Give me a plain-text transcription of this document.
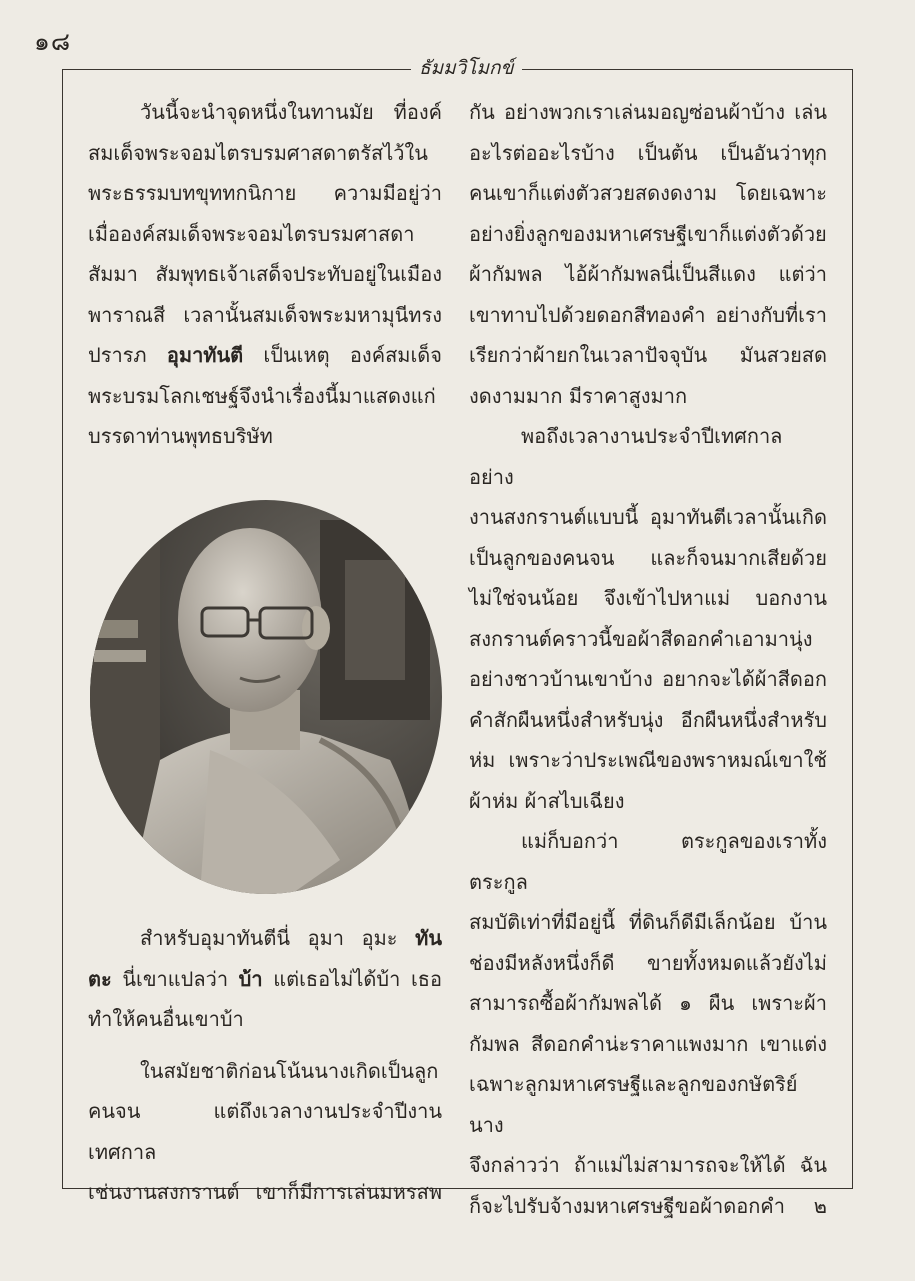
๑๘
ธัมมวิโมกข์

วันนี้จะนำจุดหนึ่งในทานมัย ที่องค์

สมเด็จพระจอมไตรบรมศาสดาตรัสไว้ใน

พระธรรมบทขุททกนิกาย ความมีอยู่ว่า

เมื่อองค์สมเด็จพระจอมไตรบรมศาสดา

สัมมา สัมพุทธเจ้าเสด็จประทับอยู่ในเมือง

พาราณสี เวลานั้นสมเด็จพระมหามุนีทรง

ปรารภ อุมาทันตี เป็นเหตุ องค์สมเด็จ

พระบรมโลกเชษฐ์จึงนำเรื่องนี้มาแสดงแก่

บรรดาท่านพุทธบริษัท

สำหรับอุมาทันตีนี่ อุมา อุมะ ทัน

ตะ นี่เขาแปลว่า บ้า แต่เธอไม่ได้บ้า เธอ

ทำให้คนอื่นเขาบ้า

ในสมัยชาติก่อนโน้นนางเกิดเป็นลูก

คนจน แต่ถึงเวลางานประจำปีงานเทศกาล

เช่นงานสงกรานต์ เขาก็มีการเล่นมหรสพ

กัน อย่างพวกเราเล่นมอญซ่อนผ้าบ้าง เล่น

อะไรต่ออะไรบ้าง เป็นต้น เป็นอันว่าทุก

คนเขาก็แต่งตัวสวยสดงดงาม โดยเฉพาะ

อย่างยิ่งลูกของมหาเศรษฐีเขาก็แต่งตัวด้วย

ผ้ากัมพล ไอ้ผ้ากัมพลนี่เป็นสีแดง แต่ว่า

เขาทาบไปด้วยดอกสีทองคำ อย่างกับที่เรา

เรียกว่าผ้ายกในเวลาปัจจุบัน มันสวยสด

งดงามมาก มีราคาสูงมาก

พอถึงเวลางานประจำปีเทศกาลอย่าง

งานสงกรานต์แบบนี้ อุมาทันตีเวลานั้นเกิด

เป็นลูกของคนจน และก็จนมากเสียด้วย

ไม่ใช่จนน้อย จึงเข้าไปหาแม่ บอกงาน

สงกรานต์คราวนี้ขอผ้าสีดอกคำเอามานุ่ง

อย่างชาวบ้านเขาบ้าง อยากจะได้ผ้าสีดอก

คำสักผืนหนึ่งสำหรับนุ่ง อีกผืนหนึ่งสำหรับ

ห่ม เพราะว่าประเพณีของพราหมณ์เขาใช้

ผ้าห่ม ผ้าสไบเฉียง

แม่ก็บอกว่า ตระกูลของเราทั้งตระกูล

สมบัติเท่าที่มีอยู่นี้ ที่ดินก็ดีมีเล็กน้อย บ้าน

ช่องมีหลังหนึ่งก็ดี ขายทั้งหมดแล้วยังไม่

สามารถซื้อผ้ากัมพลได้ ๑ ผืน เพราะผ้า

กัมพล สีดอกคำน่ะราคาแพงมาก เขาแต่ง

เฉพาะลูกมหาเศรษฐีและลูกของกษัตริย์ นาง

จึงกล่าวว่า ถ้าแม่ไม่สามารถจะให้ได้ ฉัน

ก็จะไปรับจ้างมหาเศรษฐีขอผ้าดอกคำ ๒
